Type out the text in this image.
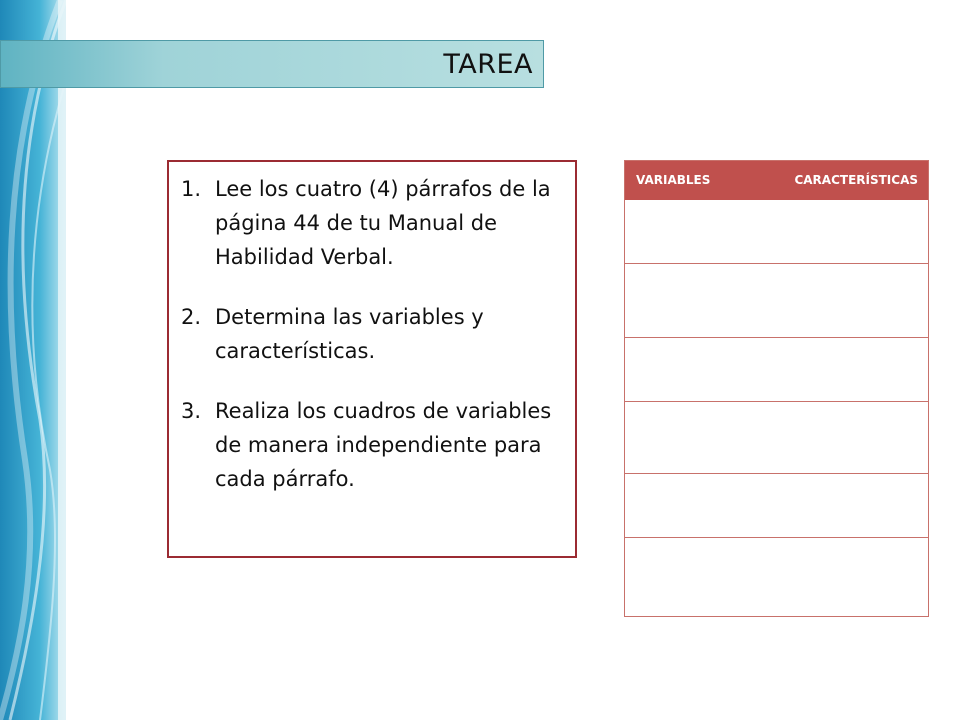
TAREA
1. Lee los cuatro (4) párrafos de la página 44 de tu Manual de Habilidad Verbal.
2. Determina las variables y características.
3. Realiza los cuadros de variables de manera independiente para cada párrafo.
VARIABLES	CARACTERÍSTICAS
